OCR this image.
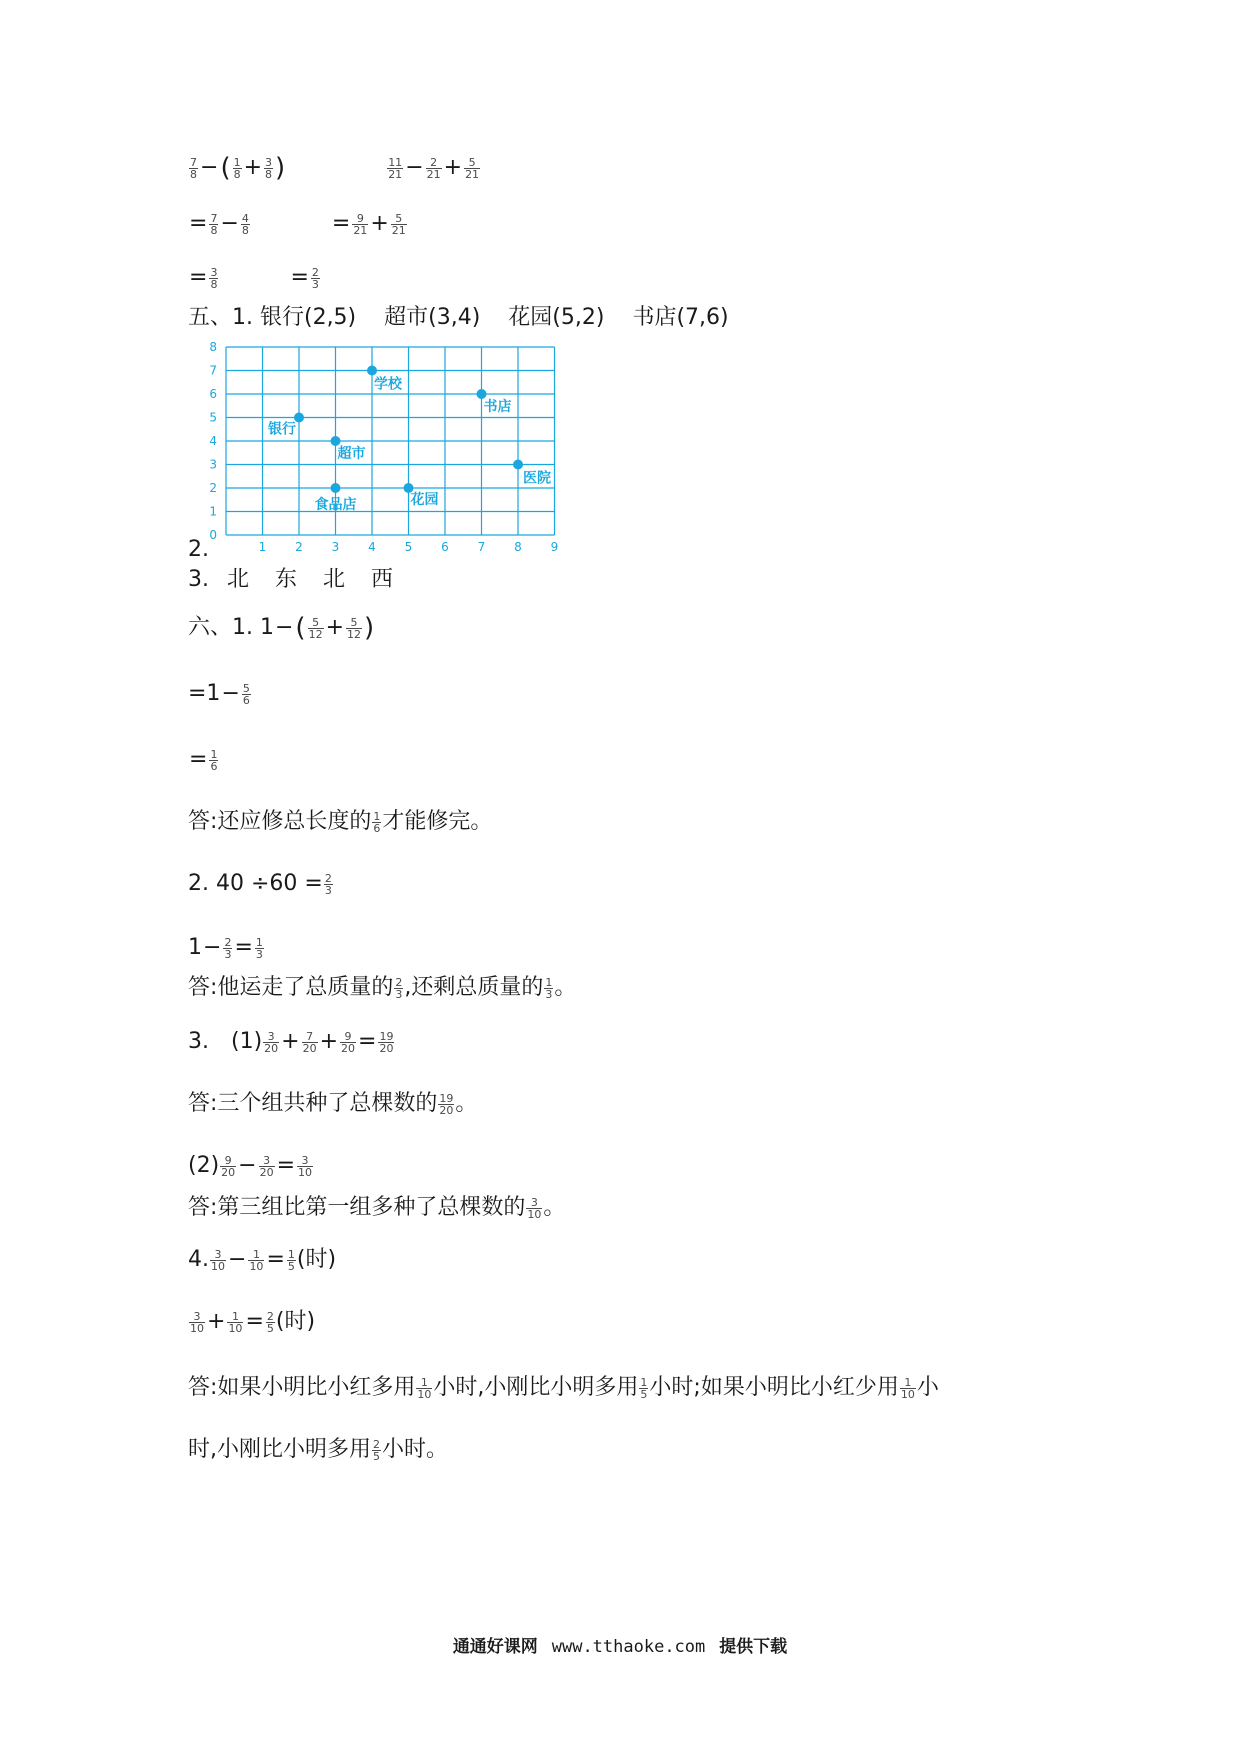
$\frac{7}{8}$ − ( $\frac{1}{8} + \frac{3}{8}$ )	$\frac{11}{21} - \frac{2}{21} + \frac{5}{21}$
= $\frac{7}{8} - \frac{4}{8}$	= $\frac{9}{21} + \frac{5}{21}$
= $\frac{3}{8}$	= $\frac{2}{3}$
五、1. 银行(2,5) 超市(3,4) 花园(5,2) 书店(7,6)
1 2 3 4 5 6 7 8 9
0
1
2
3
4
5
6
7
8
学校
书店
银行
超市
医院
花园
食品店
2.
3. 北 东 北 西
六、1. 1 − ( $\frac{5}{12} + \frac{5}{12}$ )
$=1 - \frac{5}{6}$
= $\frac{1}{6}$
答:还应修总长度的 $\frac{1}{6}$ 才能修完。
2. $40 \div 60 = \frac{2}{3}$
$1 - \frac{2}{3} = \frac{1}{3}$
答:他运走了总质量的 $\frac{2}{3}$ ,还剩总质量的 $\frac{1}{3}$ 。
3.　$(1) \frac{3}{20} + \frac{7}{20} + \frac{9}{20} = \frac{19}{20}$
答:三个组共种了总棵数的 $\frac{19}{20}$ 。
$(2) \frac{9}{20} - \frac{3}{20} = \frac{3}{10}$
答:第三组比第一组多种了总棵数的 $\frac{3}{10}$ 。
4. $\frac{3}{10} - \frac{1}{10} = \frac{1}{5}$ (时)
$\frac{3}{10} + \frac{1}{10} = \frac{2}{5}$ (时)
答:如果小明比小红多用 $\frac{1}{10}$ 小时,小刚比小明多用 $\frac{1}{5}$ 小时;如果小明比小红少用 $\frac{1}{10}$ 小
时,小刚比小明多用 $\frac{2}{5}$ 小时。
通通好课网 www.tthaoke.com 提供下载
